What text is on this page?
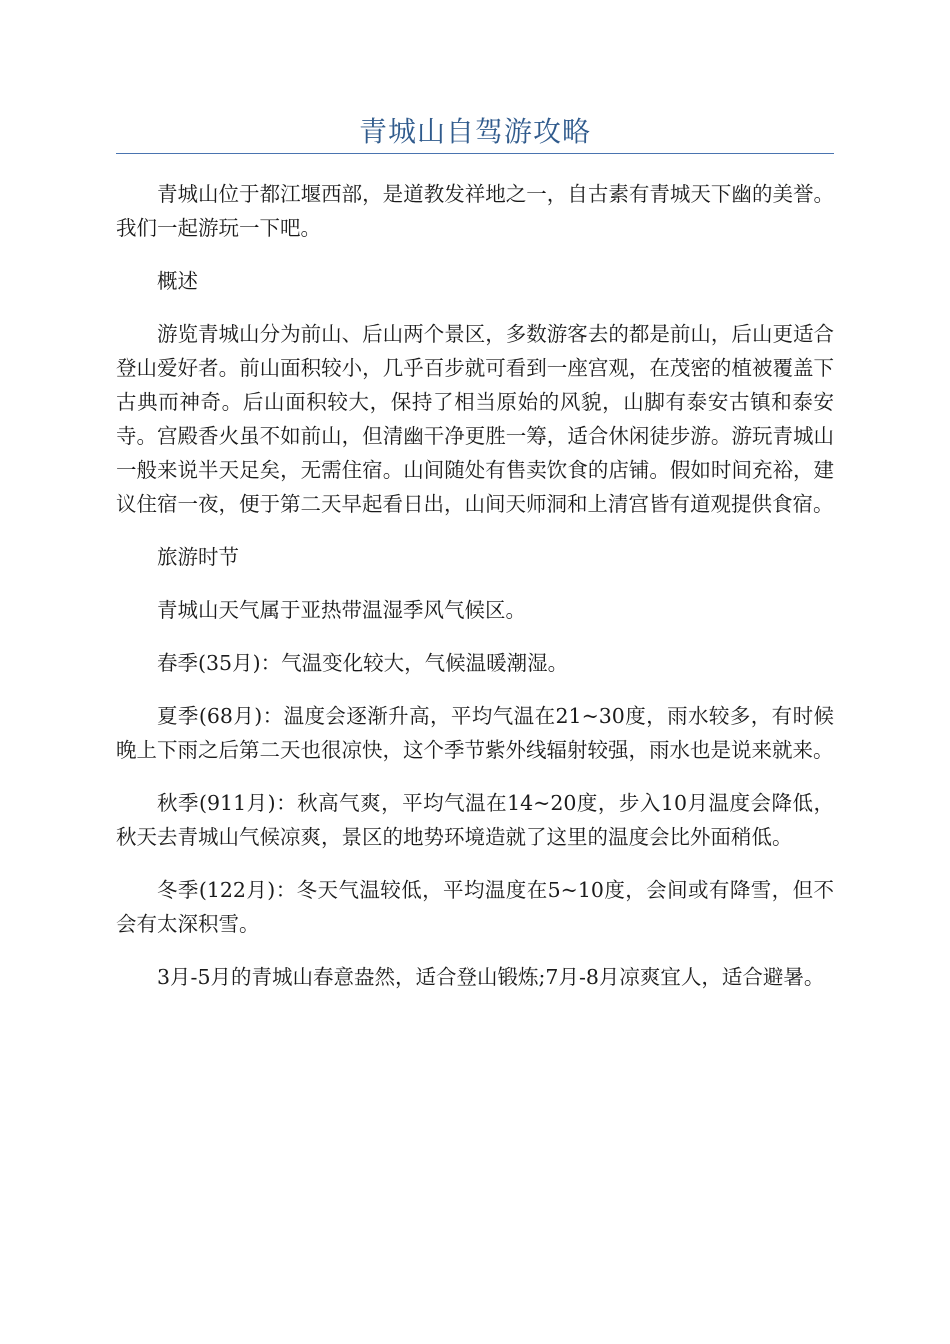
青城山自驾游攻略

青城山位于都江堰西部，是道教发祥地之一，自古素有青城天下幽的美誉。我们一起游玩一下吧。

概述

游览青城山分为前山、后山两个景区，多数游客去的都是前山，后山更适合登山爱好者。前山面积较小，几乎百步就可看到一座宫观，在茂密的植被覆盖下古典而神奇。后山面积较大，保持了相当原始的风貌，山脚有泰安古镇和泰安寺。宫殿香火虽不如前山，但清幽干净更胜一筹，适合休闲徒步游。游玩青城山一般来说半天足矣，无需住宿。山间随处有售卖饮食的店铺。假如时间充裕，建议住宿一夜，便于第二天早起看日出，山间天师洞和上清宫皆有道观提供食宿。

旅游时节

青城山天气属于亚热带温湿季风气候区。

春季(35月)：气温变化较大，气候温暖潮湿。

夏季(68月)：温度会逐渐升高，平均气温在21~30度，雨水较多，有时候晚上下雨之后第二天也很凉快，这个季节紫外线辐射较强，雨水也是说来就来。

秋季(911月)：秋高气爽，平均气温在14~20度，步入10月温度会降低，秋天去青城山气候凉爽，景区的地势环境造就了这里的温度会比外面稍低。

冬季(122月)：冬天气温较低，平均温度在5~10度，会间或有降雪，但不会有太深积雪。

3月-5月的青城山春意盎然，适合登山锻炼;7月-8月凉爽宜人，适合避暑。
